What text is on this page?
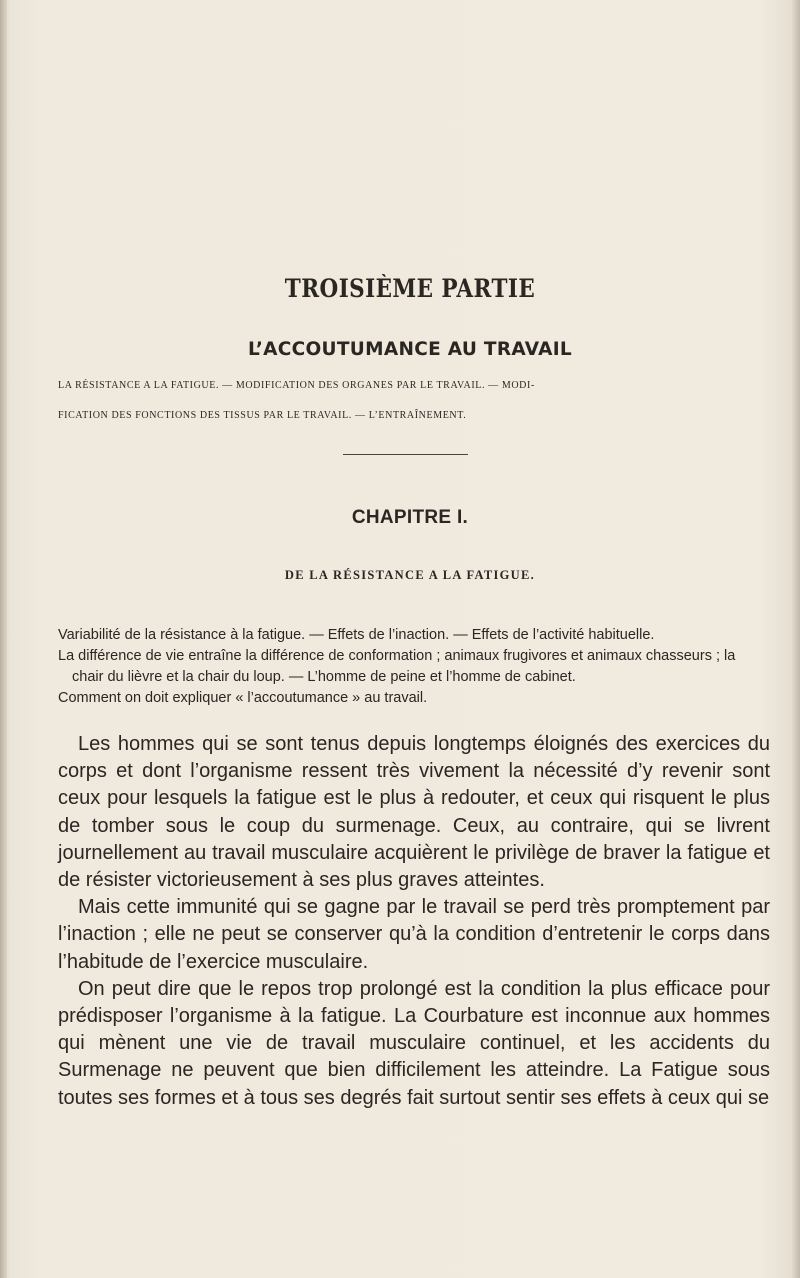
TROISIÈME PARTIE
L’ACCOUTUMANCE AU TRAVAIL
LA RÉSISTANCE A LA FATIGUE. — MODIFICATION DES ORGANES PAR LE TRAVAIL. — MODI-
FICATION DES FONCTIONS DES TISSUS PAR LE TRAVAIL. — L’ENTRAÎNEMENT.
CHAPITRE I.
DE LA RÉSISTANCE A LA FATIGUE.

Variabilité de la résistance à la fatigue. — Effets de l’inaction. — Effets de l’activité habituelle.

La différence de vie entraîne la différence de conformation ; animaux frugivores et animaux chasseurs ; la chair du lièvre et la chair du loup. — L’homme de peine et l’homme de cabinet.

Comment on doit expliquer « l’accoutumance » au travail.

Les hommes qui se sont tenus depuis longtemps éloignés des exercices du corps et dont l’organisme ressent très vivement la nécessité d’y revenir sont ceux pour lesquels la fatigue est le plus à redouter, et ceux qui risquent le plus de tomber sous le coup du surmenage. Ceux, au contraire, qui se livrent journellement au travail musculaire acquièrent le privilège de braver la fatigue et de résister victorieusement à ses plus graves atteintes.

Mais cette immunité qui se gagne par le travail se perd très promptement par l’inaction ; elle ne peut se conserver qu’à la condition d’entretenir le corps dans l’habitude de l’exercice musculaire.

On peut dire que le repos trop prolongé est la condition la plus efficace pour prédisposer l’organisme à la fatigue. La Courbature est inconnue aux hommes qui mènent une vie de travail musculaire continuel, et les accidents du Surmenage ne peuvent que bien difficilement les atteindre. La Fatigue sous toutes ses formes et à tous ses degrés fait surtout sentir ses effets à ceux qui se
